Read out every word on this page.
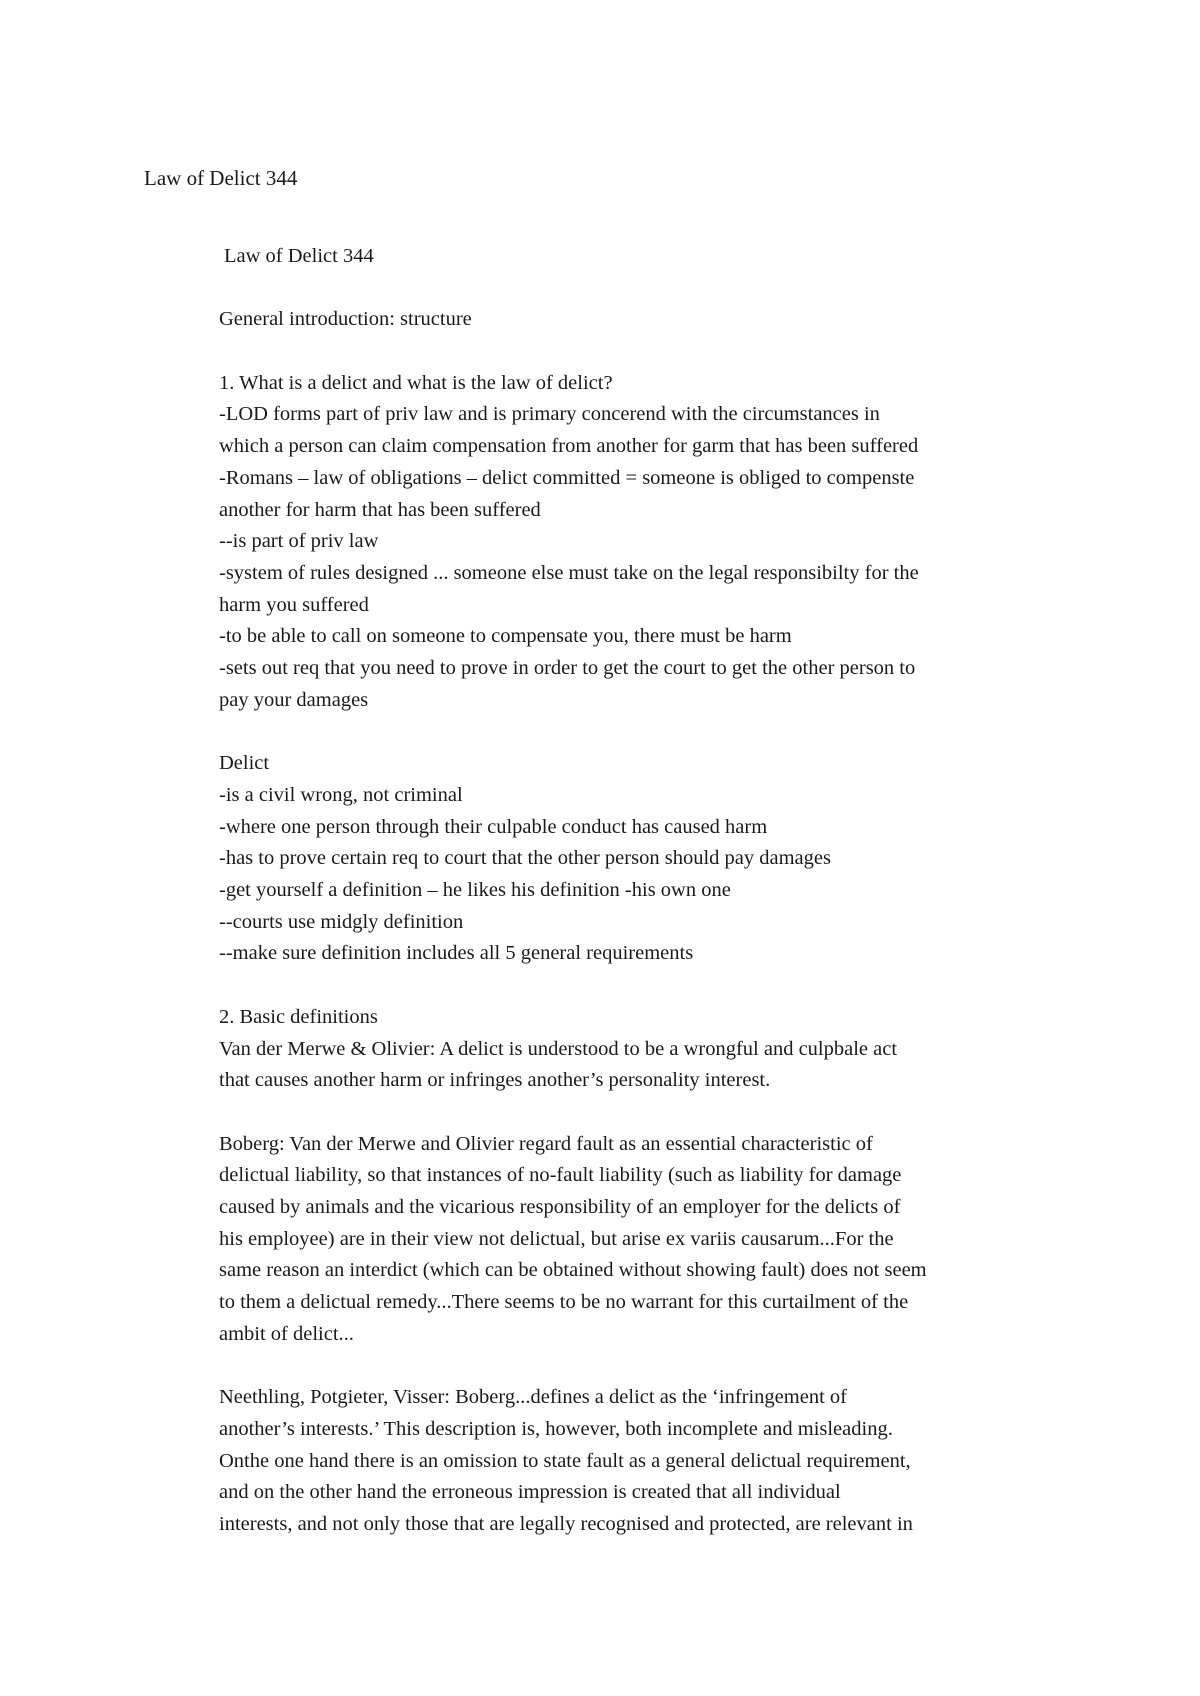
Law of Delict 344
Law of Delict 344
General introduction: structure
1. What is a delict and what is the law of delict?
-LOD forms part of priv law and is primary concerend with the circumstances in
which a person can claim compensation from another for garm that has been suffered
-Romans – law of obligations – delict committed = someone is obliged to compenste
another for harm that has been suffered
--is part of priv law
-system of rules designed ... someone else must take on the legal responsibilty for the
harm you suffered
-to be able to call on someone to compensate you, there must be harm
-sets out req that you need to prove in order to get the court to get the other person to
pay your damages
Delict
-is a civil wrong, not criminal
-where one person through their culpable conduct has caused harm
-has to prove certain req to court that the other person should pay damages
-get yourself a definition – he likes his definition -his own one
--courts use midgly definition
--make sure definition includes all 5 general requirements
2. Basic definitions
Van der Merwe & Olivier: A delict is understood to be a wrongful and culpbale act
that causes another harm or infringes another’s personality interest.
Boberg: Van der Merwe and Olivier regard fault as an essential characteristic of
delictual liability, so that instances of no-fault liability (such as liability for damage
caused by animals and the vicarious responsibility of an employer for the delicts of
his employee) are in their view not delictual, but arise ex variis causarum...For the
same reason an interdict (which can be obtained without showing fault) does not seem
to them a delictual remedy...There seems to be no warrant for this curtailment of the
ambit of delict...
Neethling, Potgieter, Visser: Boberg...defines a delict as the ‘infringement of
another’s interests.’ This description is, however, both incomplete and misleading.
Onthe one hand there is an omission to state fault as a general delictual requirement,
and on the other hand the erroneous impression is created that all individual
interests, and not only those that are legally recognised and protected, are relevant in
